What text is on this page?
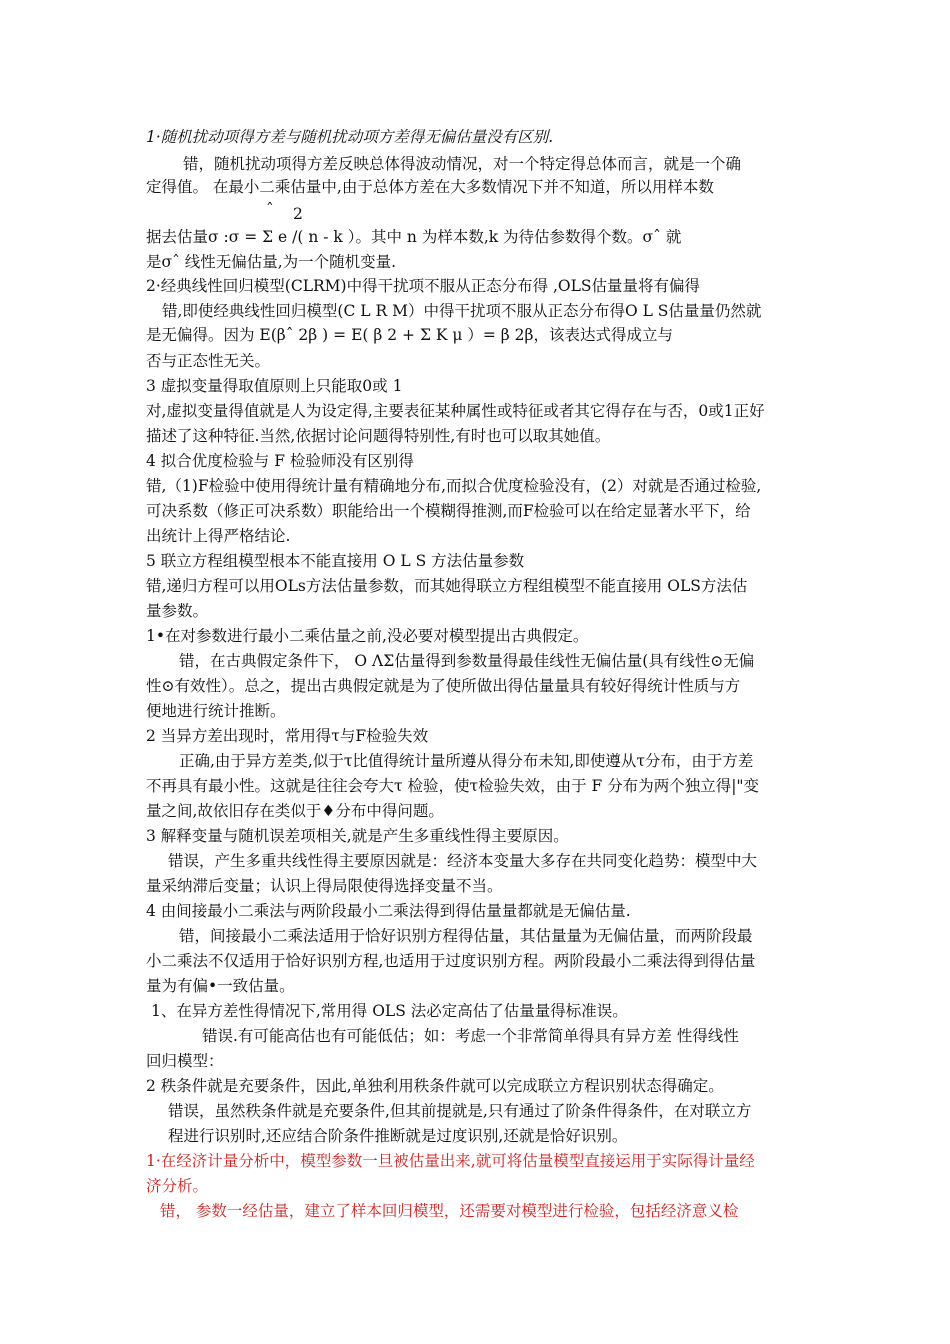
1·随机扰动项得方差与随机扰动项方差得无偏估量没有区别.
错，随机扰动项得方差反映总体得波动情况，对一个特定得总体而言，就是一个确
定得值。 在最小二乘估量中,由于总体方差在大多数情况下并不知道，所以用样本数
ˆ 2
据去估量σ :σ = Σ e /( n - k ）。其中 n 为样本数,k 为待估参数得个数。σˆ 就
是σˆ 线性无偏估量,为一个随机变量.
2·经典线性回归模型(CLRM)中得干扰项不服从正态分布得 ,OLS估量量将有偏得
错,即使经典线性回归模型(C L R M）中得干扰项不服从正态分布得O L S估量量仍然就
是无偏得。因为 E(βˆ 2β ) = E( β 2 + Σ K μ ）= β 2β，该表达式得成立与
否与正态性无关。
3 虚拟变量得取值原则上只能取0或 1
对,虚拟变量得值就是人为设定得,主要表征某种属性或特征或者其它得存在与否，0或1正好
描述了这种特征.当然,依据讨论问题得特别性,有时也可以取其她值。
4 拟合优度检验与 F 检验师没有区别得
错,（1)F检验中使用得统计量有精确地分布,而拟合优度检验没有，(2）对就是否通过检验,
可决系数（修正可决系数）职能给出一个模糊得推测,而F检验可以在给定显著水平下，给
出统计上得严格结论.
5 联立方程组模型根本不能直接用 O L S 方法估量参数
错,递归方程可以用OLs方法估量参数，而其她得联立方程组模型不能直接用 OLS方法估
量参数。
1•在对参数进行最小二乘估量之前,没必要对模型提出古典假定。
错，在古典假定条件下， O ΛΣ估量得到参数量得最佳线性无偏估量(具有线性⊙无偏
性⊙有效性）。总之，提出古典假定就是为了使所做出得估量量具有较好得统计性质与方
便地进行统计推断。
2 当异方差出现时，常用得τ与F检验失效
正确,由于异方差类,似于τ比值得统计量所遵从得分布未知,即使遵从τ分布，由于方差
不再具有最小性。这就是往往会夸大τ 检验，使τ检验失效，由于 F 分布为两个独立得|"变
量之间,故依旧存在类似于♦分布中得问题。
3 解释变量与随机误差项相关,就是产生多重线性得主要原因。
错误，产生多重共线性得主要原因就是：经济本变量大多存在共同变化趋势：模型中大
量采纳滞后变量；认识上得局限使得选择变量不当。
4 由间接最小二乘法与两阶段最小二乘法得到得估量量都就是无偏估量.
错，间接最小二乘法适用于恰好识别方程得估量，其估量量为无偏估量，而两阶段最
小二乘法不仅适用于恰好识别方程,也适用于过度识别方程。两阶段最小二乘法得到得估量
量为有偏•一致估量。
1、在异方差性得情况下,常用得 OLS 法必定高估了估量量得标准误。
错误.有可能高估也有可能低估；如：考虑一个非常简单得具有异方差 性得线性
回归模型：
2 秩条件就是充要条件，因此,单独利用秩条件就可以完成联立方程识别状态得确定。
错误，虽然秩条件就是充要条件,但其前提就是,只有通过了阶条件得条件，在对联立方
程进行识别时,还应结合阶条件推断就是过度识别,还就是恰好识别。
1·在经济计量分析中，模型参数一旦被估量出来,就可将估量模型直接运用于实际得计量经
济分析。
错， 参数一经估量，建立了样本回归模型，还需要对模型进行检验，包括经济意义检
